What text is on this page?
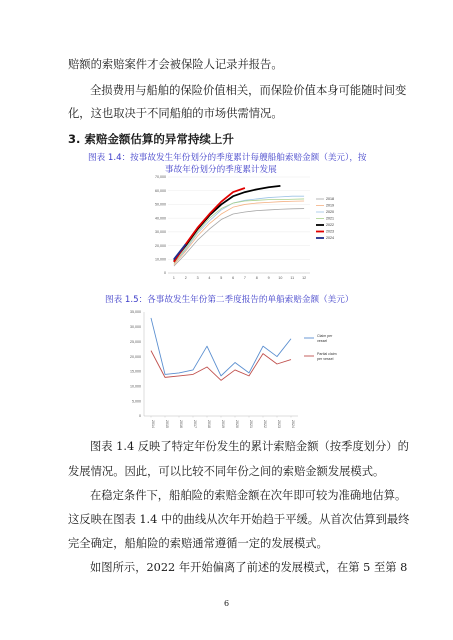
赔额的索赔案件才会被保险人记录并报告。
全损费用与船舶的保险价值相关，而保险价值本身可能随时间变
化，这也取决于不同船舶的市场供需情况。
3. 索赔金额估算的异常持续上升
图表 1.4：按事故发生年份划分的季度累计每艘船舶索赔金额（美元），按
事故年份划分的季度累计发展
0
10,000
20,000
30,000
40,000
50,000
60,000
70,000
1	2	3	4	5	6	7	8	9 10 11 12
2018
2019
2020
2021
2022
2023
2024
图表 1.5：各事故发生年份第二季度报告的单船索赔金额（美元）
0
5,000
10,000
15,000
20,000
25,000
30,000
35,000
2014	2015	2016	2017	2018	2019	2020	2021	2022	2023	2024
Claim per
vessel
Partial claim
per vessel
图表 1.4 反映了特定年份发生的累计索赔金额（按季度划分）的
发展情况。因此，可以比较不同年份之间的索赔金额发展模式。
在稳定条件下，船舶险的索赔金额在次年即可较为准确地估算。
这反映在图表 1.4 中的曲线从次年开始趋于平缓。从首次估算到最终
完全确定，船舶险的索赔通常遵循一定的发展模式。
如图所示，2022 年开始偏离了前述的发展模式，在第 5 至第 8
6
